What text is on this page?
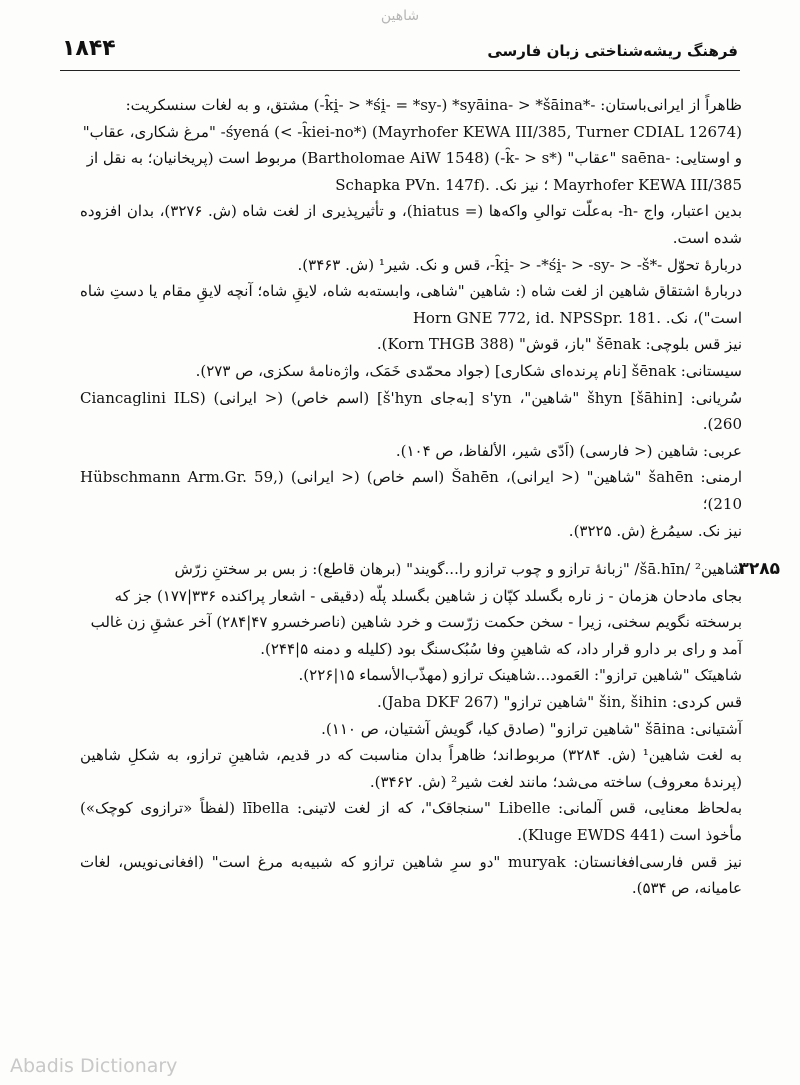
شاهین
۱۸۴۴	فرهنگ ریشه‌شناختی زبان فارسی

ظاهراً از ایرانی‌باستان: -*k̑i̯- > *śi̯- = *sy-) *syāina- > *šāina-) مشتق، و به لغات سنسکریت:

(Mayrhofer KEWA III/385, Turner CDIAL 12674) (*k̑iei-no- >) śyená- "مرغ شکاری، عقاب"

و اوستایی: -saēna "عقاب" (*k̑- > s-) (Bartholomae AiW 1548) مربوط است (پریخانیان؛ به نقل از

Mayrhofer KEWA III/385 ؛ نیز نک. .(Schapka PVn. 147f

بدین اعتبار، واج -h- به‌علّت توالیِ واکه‌ها (= hiatus)، و تأثیرپذیری از لغت شاه (ش. ۳۲۷۶)، بدان افزوده شده است.

دربارهٔ تحوّل -*k̑i̯- > -*śi̯- > -sy- > -š-، قس و نک. شیر¹ (ش. ۳۴۶۳).

دربارهٔ اشتقاق شاهین از لغت شاه (: شاهین "شاهی، وابسته‌به شاه، لایقِ شاه؛ آنچه لایقِ مقام یا دستِ شاه است")، نک. .Horn GNE 772, id. NPSSpr. 181

نیز قس بلوچی: šēnak "باز، قوش" (Korn THGB 388).

سیستانی: šēnak [نام پرنده‌ای شکاری] (جواد محمّدی خَمَک، واژه‌نامهٔ سکزی، ص ۲۷۳).

سُریانی: šhyn [šāhin] "شاهین"، s'yn [به‌جای š'hyn] (اسم خاص) (< ایرانی) (Ciancaglini ILS 260).

عربی: شاهین (< فارسی) (اَدّی شیر، الألفاظ، ص ۱۰۴).

ارمنی: šahēn "شاهین" (< ایرانی)، Šahēn (اسم خاص) (< ایرانی) (Hübschmann Arm.Gr. 59, 210)؛

نیز نک. سیمُرغ (ش. ۳۲۲۵).

۳۲۸۵

شاهین² /šā.hīn/ "زبانهٔ ترازو و چوب ترازو را...گویند" (برهان قاطع): ز بس بر سختنِ زرّش

بجای مادحان هزمان - ز ناره بگسلد کپّان ز شاهین بگسلد پلّه (دقیقی - اشعار پراکنده ۳۳۶|۱۷۷) جز که

برسخته نگویم سخنی، زیرا - سخن حکمت زرّست و خرد شاهین (ناصرخسرو ۴۷|۲۸۴) آخر عشقِ زن غالب

آمد و رای بر دارو قرار داد، که شاهینِ وفا سُبُک‌سنگ بود (کلیله و دمنه ۵|۲۴۴).

شاهینَک "شاهین ترازو": العَمود...شاهینک ترازو (مهذّب‌الأسماء ۱۵|۲۲۶).

قس کردی: šin, šihin "شاهین ترازو" (Jaba DKF 267).

آشتیانی: šāina "شاهین ترازو" (صادق کیا، گویش آشتیان، ص ۱۱۰).

به لغت شاهین¹ (ش. ۳۲۸۴) مربوط‌اند؛ ظاهراً بدان مناسبت که در قدیم، شاهینِ ترازو، به شکلِ شاهین (پرندهٔ معروف) ساخته می‌شد؛ مانند لغت شیر² (ش. ۳۴۶۲).

به‌لحاظ معنایی، قس آلمانی: Libelle "سنجاقک"، که از لغت لاتینی: lībella (لفظاً «ترازوی کوچک») مأخوذ است (Kluge EWDS 441).

نیز قس فارسی‌افغانستان: muryak "دو سرِ شاهین ترازو که شبیه‌به مرغ است" (افغانی‌نویس، لغات عامیانه، ص ۵۳۴).

Abadis Dictionary
